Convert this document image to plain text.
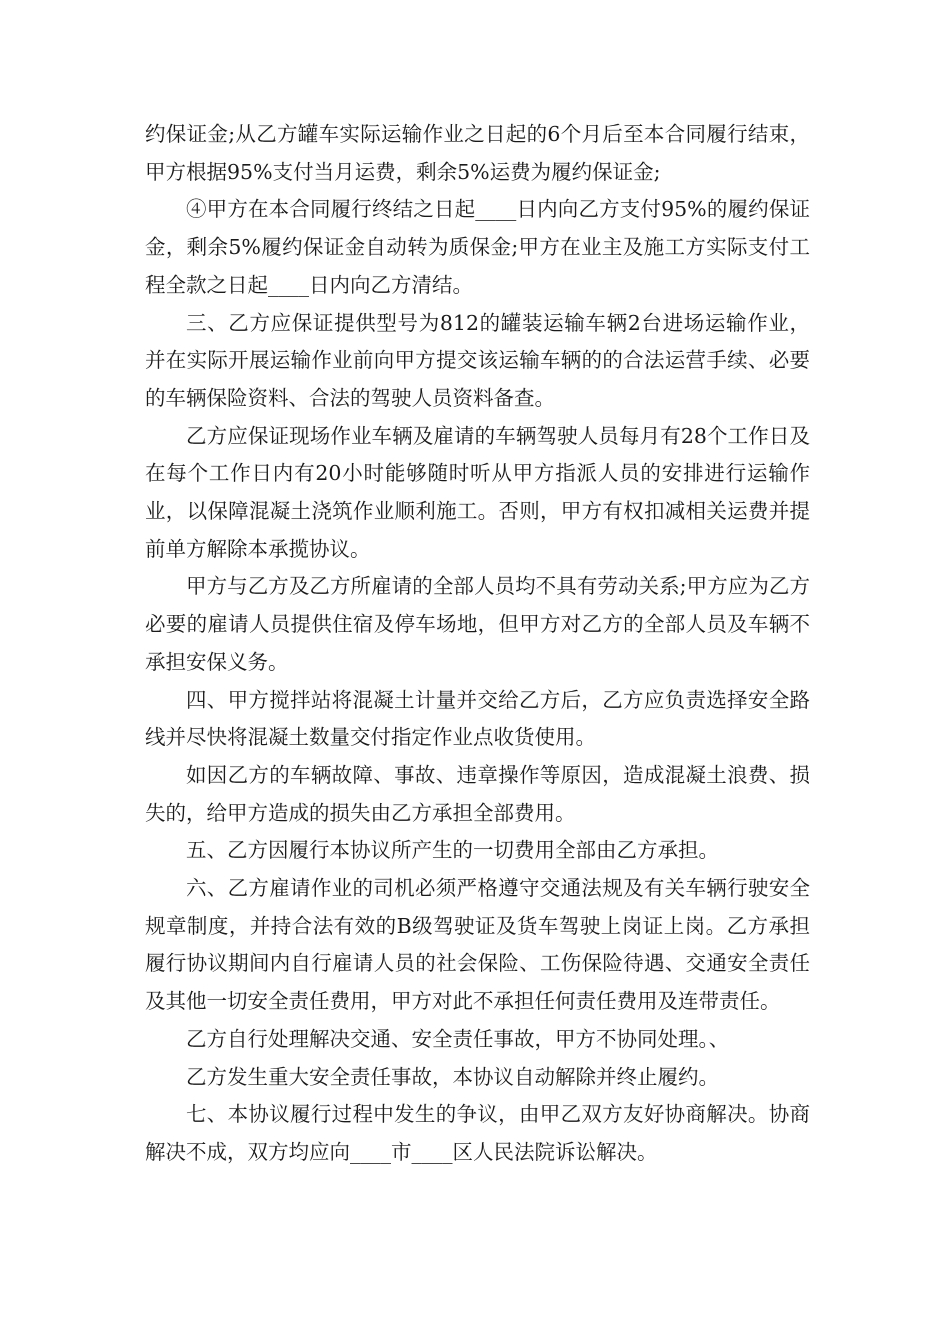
约保证金;从乙方罐车实际运输作业之日起的6个月后至本合同履行结束，甲方根据95%支付当月运费，剩余5%运费为履约保证金;

④甲方在本合同履行终结之日起____日内向乙方支付95%的履约保证金，剩余5%履约保证金自动转为质保金;甲方在业主及施工方实际支付工程全款之日起____日内向乙方清结。

三、乙方应保证提供型号为812的罐装运输车辆2台进场运输作业，并在实际开展运输作业前向甲方提交该运输车辆的的合法运营手续、必要的车辆保险资料、合法的驾驶人员资料备查。

乙方应保证现场作业车辆及雇请的车辆驾驶人员每月有28个工作日及在每个工作日内有20小时能够随时听从甲方指派人员的安排进行运输作业，以保障混凝土浇筑作业顺利施工。否则，甲方有权扣减相关运费并提前单方解除本承揽协议。

甲方与乙方及乙方所雇请的全部人员均不具有劳动关系;甲方应为乙方必要的雇请人员提供住宿及停车场地，但甲方对乙方的全部人员及车辆不承担安保义务。

四、甲方搅拌站将混凝土计量并交给乙方后，乙方应负责选择安全路线并尽快将混凝土数量交付指定作业点收货使用。

如因乙方的车辆故障、事故、违章操作等原因，造成混凝土浪费、损失的，给甲方造成的损失由乙方承担全部费用。

五、乙方因履行本协议所产生的一切费用全部由乙方承担。

六、乙方雇请作业的司机必须严格遵守交通法规及有关车辆行驶安全规章制度，并持合法有效的B级驾驶证及货车驾驶上岗证上岗。乙方承担履行协议期间内自行雇请人员的社会保险、工伤保险待遇、交通安全责任及其他一切安全责任费用，甲方对此不承担任何责任费用及连带责任。

乙方自行处理解决交通、安全责任事故，甲方不协同处理。、

乙方发生重大安全责任事故，本协议自动解除并终止履约。

七、本协议履行过程中发生的争议，由甲乙双方友好协商解决。协商解决不成，双方均应向____市____区人民法院诉讼解决。
